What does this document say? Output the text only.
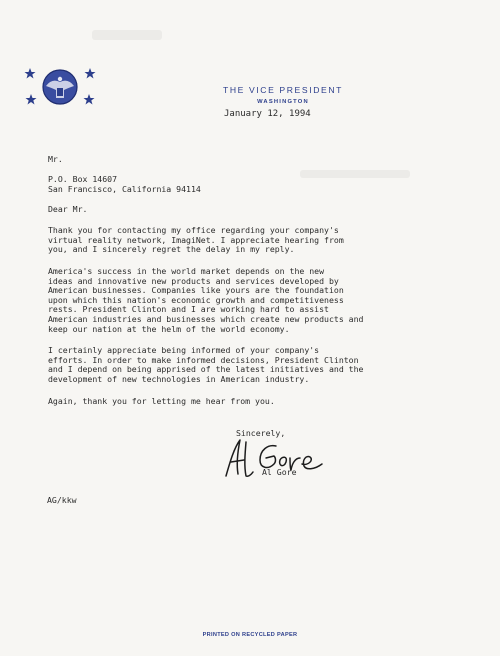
THE VICE PRESIDENT
WASHINGTON
January 12, 1994
Mr.
P.O. Box 14607
San Francisco, California 94114
Dear Mr.
Thank you for contacting my office regarding your company's
virtual reality network, ImagiNet. I appreciate hearing from
you, and I sincerely regret the delay in my reply.
America's success in the world market depends on the new
ideas and innovative new products and services developed by
American businesses. Companies like yours are the foundation
upon which this nation's economic growth and competitiveness
rests. President Clinton and I are working hard to assist
American industries and businesses which create new products and
keep our nation at the helm of the world economy.
I certainly appreciate being informed of your company's
efforts. In order to make informed decisions, President Clinton
and I depend on being apprised of the latest initiatives and the
development of new technologies in American industry.
Again, thank you for letting me hear from you.
Sincerely,
Al Gore
AG/kkw
PRINTED ON RECYCLED PAPER
